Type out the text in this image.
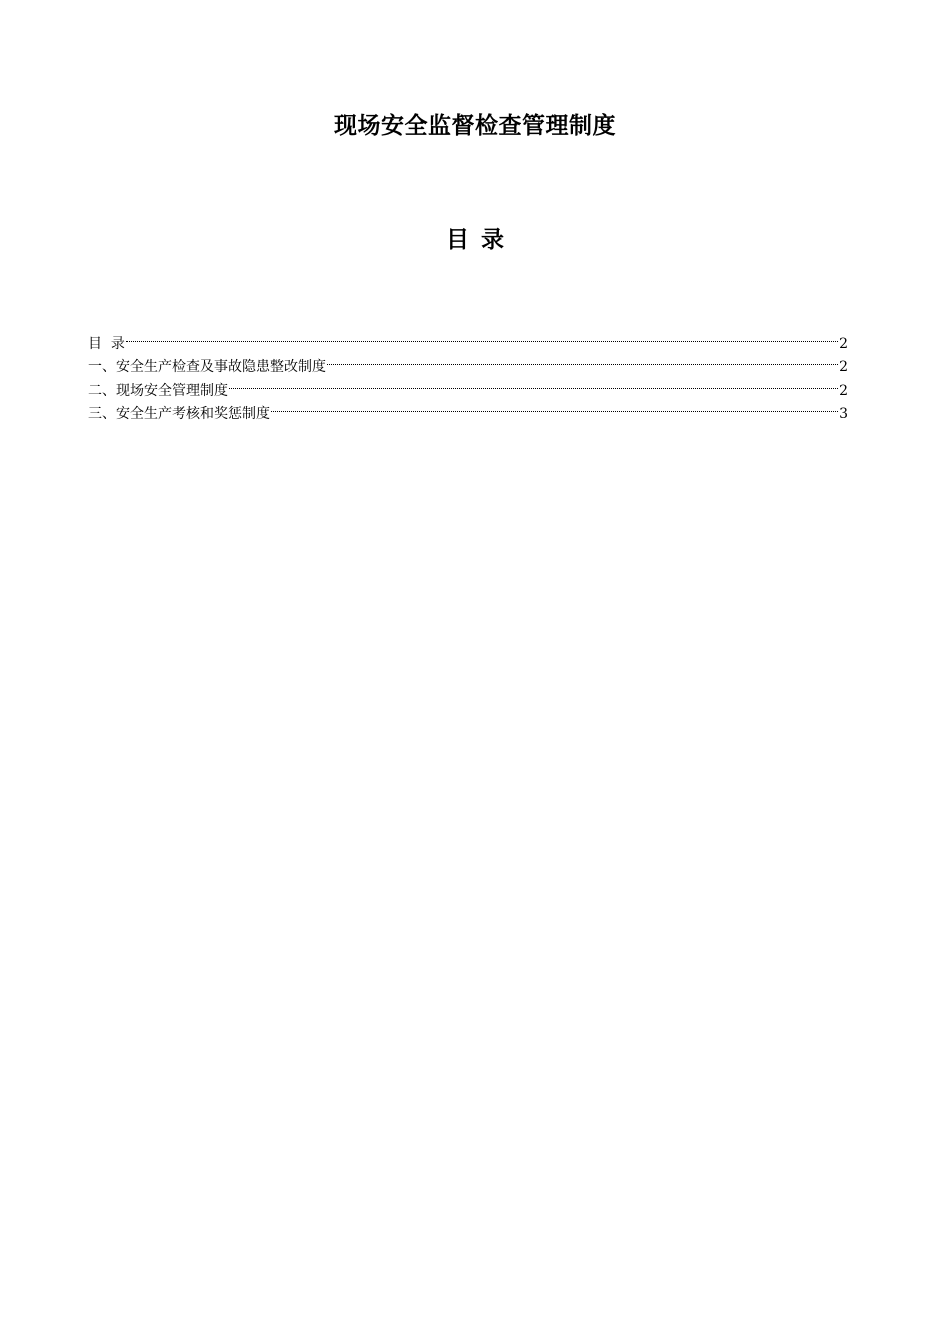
现场安全监督检查管理制度
目 录
目  录	2
一、安全生产检查及事故隐患整改制度	2
二、现场安全管理制度	2
三、安全生产考核和奖惩制度	3
